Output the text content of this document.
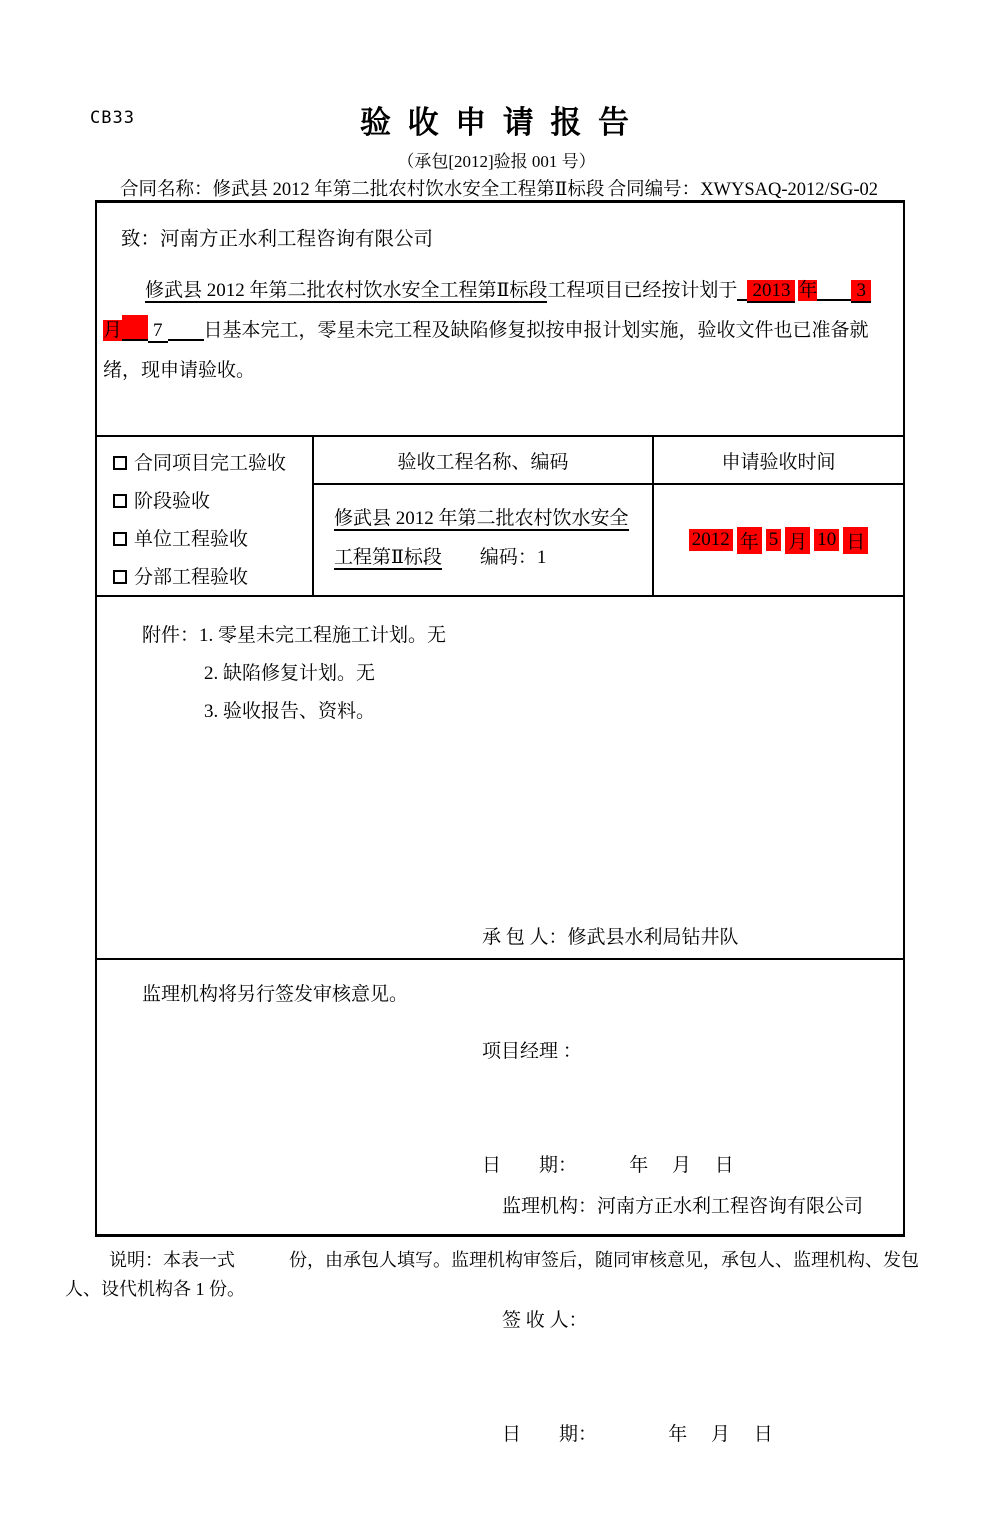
CB33	验 收 申 请 报 告
（承包[2012]验报 001 号）
合同名称：修武县 2012 年第二批农村饮水安全工程第Ⅱ标段 合同编号：XWYSAQ-2012/SG-02
致：河南方正水利工程咨询有限公司
修武县 2012 年第二批农村饮水安全工程第Ⅱ标段工程项目已经按计划于 2013 年 3
月 7 日基本完工，零星未完工程及缺陷修复拟按申报计划实施，验收文件也已准备就
绪，现申请验收。
合同项目完工验收
阶段验收
单位工程验收
分部工程验收
验收工程名称、编码
修武县 2012 年第二批农村饮水安全
工程第Ⅱ标段 编码：1
申请验收时间
2012 年 5 月 10 日
附件：1. 零星未完工程施工计划。无
2. 缺陷修复计划。无
3. 验收报告、资料。

承 包 人：修武县水利局钻井队

项目经理 ：

日　　期：　　　 年　 月　 日

监理机构将另行签发审核意见。

监理机构：河南方正水利工程咨询有限公司

签 收 人：

日　　期：　　　　 年　 月　 日

说明：本表一式　　　份，由承包人填写。监理机构审签后，随同审核意见，承包人、监理机构、发包
人、设代机构各 1 份。
